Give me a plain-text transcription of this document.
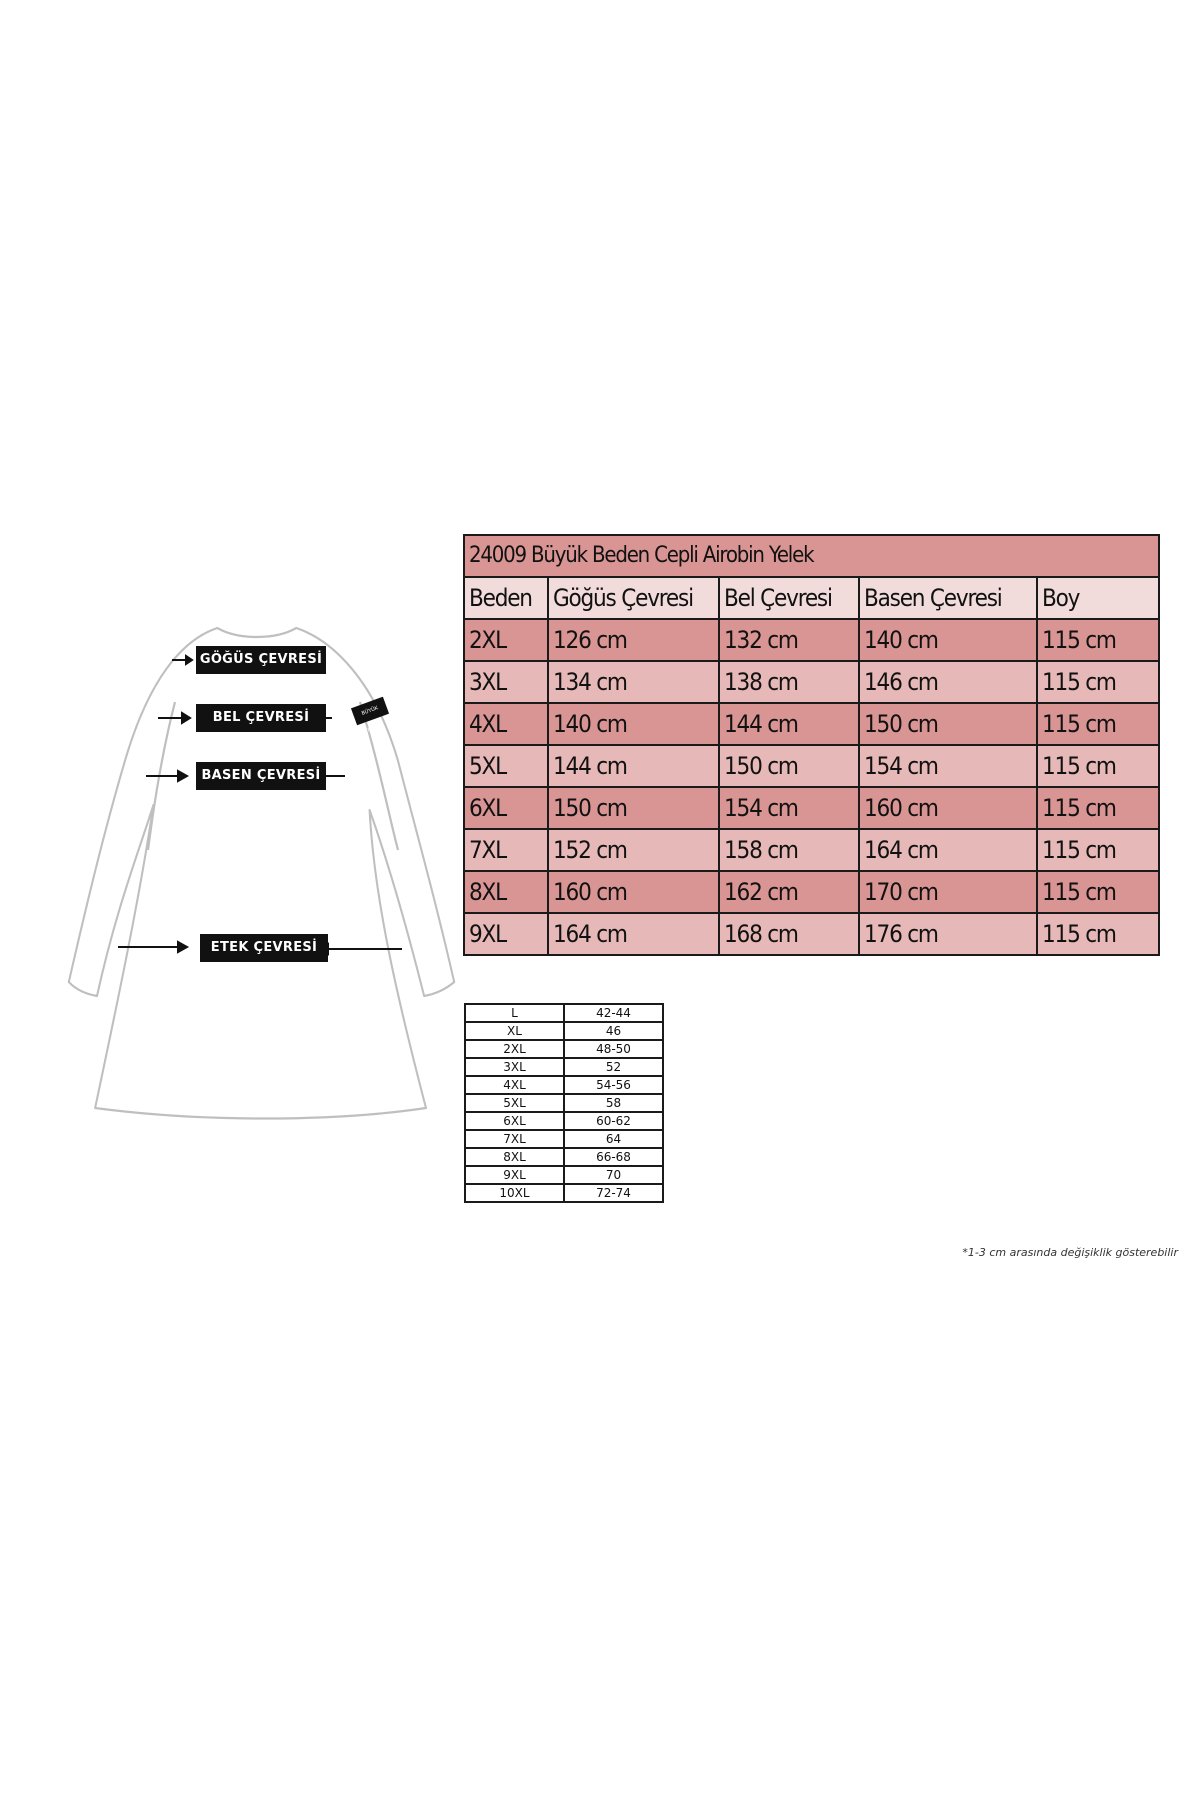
GÖĞÜS ÇEVRESİ
BEL ÇEVRESİ
BASEN ÇEVRESİ
ETEK ÇEVRESİ
BÜYÜK BEDEN
24009 Büyük Beden Cepli Airobin Yelek				
Beden	Göğüs Çevresi	Bel Çevresi	Basen Çevresi	Boy
2XL	126 cm	132 cm	140 cm	115 cm
3XL	134 cm	138 cm	146 cm	115 cm
4XL	140 cm	144 cm	150 cm	115 cm
5XL	144 cm	150 cm	154 cm	115 cm
6XL	150 cm	154 cm	160 cm	115 cm
7XL	152 cm	158 cm	164 cm	115 cm
8XL	160 cm	162 cm	170 cm	115 cm
9XL	164 cm	168 cm	176 cm	115 cm
L	42-44
XL	46
2XL	48-50
3XL	52
4XL	54-56
5XL	58
6XL	60-62
7XL	64
8XL	66-68
9XL	70
10XL	72-74
*1-3 cm arasında değişiklik gösterebilir
